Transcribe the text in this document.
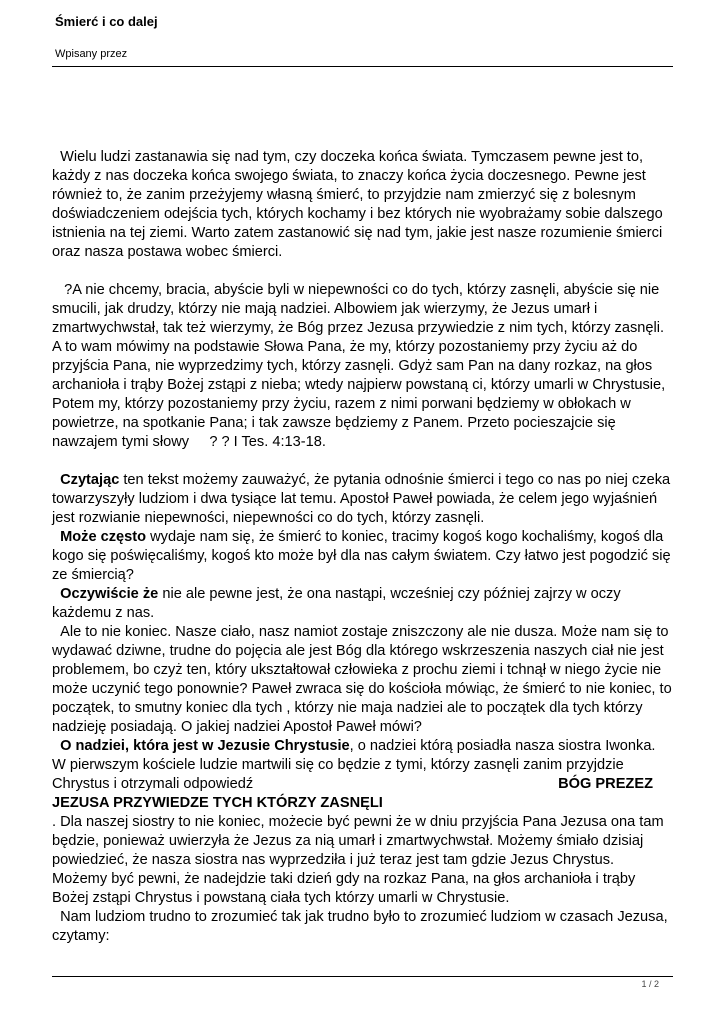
Śmierć i co dalej
Wpisany przez

Wielu ludzi zastanawia się nad tym, czy doczeka końca świata. Tymczasem pewne jest to, każdy z nas doczeka końca swojego świata, to znaczy końca życia doczesnego. Pewne jest również to, że zanim przeżyjemy własną śmierć, to przyjdzie nam zmierzyć się z bolesnym doświadczeniem odejścia tych, których kochamy i bez których nie wyobrażamy sobie dalszego istnienia na tej ziemi. Warto zatem zastanowić się nad tym, jakie jest nasze rozumienie śmierci oraz nasza postawa wobec śmierci.

?A nie chcemy, bracia, abyście byli w niepewności co do tych, którzy zasnęli, abyście się nie smucili, jak drudzy, którzy nie mają nadziei. Albowiem jak wierzymy, że Jezus umarł i zmartwychwstał, tak też wierzymy, że Bóg przez Jezusa przywiedzie z nim tych, którzy zasnęli. A to wam mówimy na podstawie Słowa Pana, że my, którzy pozostaniemy przy życiu aż do przyjścia Pana, nie wyprzedzimy tych, którzy zasnęli. Gdyż sam Pan na dany rozkaz, na głos archanioła i trąby Bożej zstąpi z nieba; wtedy najpierw powstaną ci, którzy umarli w Chrystusie, Potem my, którzy pozostaniemy przy życiu, razem z nimi porwani będziemy w obłokach w powietrze, na spotkanie Pana; i tak zawsze będziemy z Panem. Przeto pocieszajcie się nawzajem tymi słowy     ? ? I Tes. 4:13-18.

Czytając ten tekst możemy zauważyć, że pytania odnośnie śmierci i tego co nas po niej czeka towarzyszyły ludziom i dwa tysiące lat temu. Apostoł Paweł powiada, że celem jego wyjaśnień jest rozwianie niepewności, niepewności co do tych, którzy zasnęli.

Może często wydaje nam się, że śmierć to koniec, tracimy kogoś kogo kochaliśmy, kogoś dla kogo się poświęcaliśmy, kogoś kto może był dla nas całym światem. Czy łatwo jest pogodzić się ze śmiercią?

Oczywiście że nie ale pewne jest, że ona nastąpi, wcześniej czy później zajrzy w oczy każdemu z nas.

Ale to nie koniec. Nasze ciało, nasz namiot zostaje zniszczony ale nie dusza. Może nam się to wydawać dziwne, trudne do pojęcia ale jest Bóg dla którego wskrzeszenia naszych ciał nie jest problemem, bo czyż ten, który ukształtował człowieka z prochu ziemi i tchnął w niego życie nie może uczynić tego ponownie? Paweł zwraca się do kościoła mówiąc, że śmierć to nie koniec, to początek, to smutny koniec dla tych , którzy nie maja nadziei ale to początek dla tych którzy nadzieję posiadają. O jakiej nadziei Apostoł Paweł mówi?

O nadziei, która jest w Jezusie Chrystusie, o nadziei którą posiadła nasza siostra Iwonka.

W pierwszym kościele ludzie martwili się co będzie z tymi, którzy zasnęli zanim przyjdzie

Chrystus i otrzymali odpowiedź	BÓG PREZEZ

JEZUSA PRZYWIEDZE TYCH KTÓRZY ZASNĘLI

. Dla naszej siostry to nie koniec, możecie być pewni że w dniu przyjścia Pana Jezusa ona tam będzie, ponieważ uwierzyła że Jezus za nią umarł i zmartwychwstał. Możemy śmiało dzisiaj powiedzieć, że nasza siostra nas wyprzedziła i już teraz jest tam gdzie Jezus Chrystus. Możemy być pewni, że nadejdzie taki dzień gdy na rozkaz Pana, na głos archanioła i trąby Bożej zstąpi Chrystus i powstaną ciała tych którzy umarli w Chrystusie.

Nam ludziom trudno to zrozumieć tak jak trudno było to zrozumieć ludziom w czasach Jezusa, czytamy:

1 / 2
